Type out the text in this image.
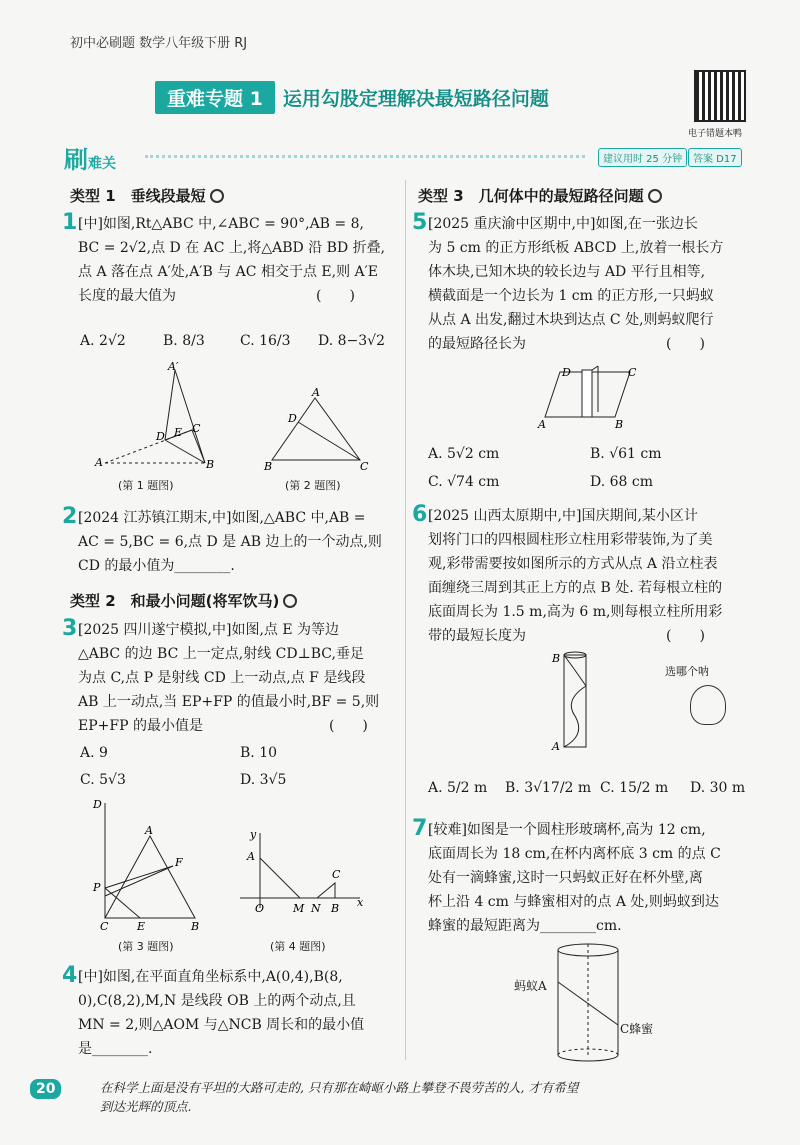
初中必刷题 数学八年级下册 RJ
重难专题 1	运用勾股定理解决最短路径问题
电子错题本鸭
刷难关	建议用时 25 分钟	答案 D17
类型 1　垂线段最短
1 [中]如图,Rt△ABC 中,∠ABC = 90°,AB = 8,
BC = 2√2,点 D 在 AC 上,将△ABD 沿 BD 折叠,
点 A 落在点 A′处,A′B 与 AC 相交于点 E,则 A′E
长度的最大值为　　　　　　　　　　(　　)
A. 2√2	B. 8/3	C. 16/3 D. 8−3√2
A′
C
D E
A	B
A
D
B	C
(第 1 题图)	(第 2 题图)
2 [2024 江苏镇江期末,中]如图,△ABC 中,AB =
AC = 5,BC = 6,点 D 是 AB 边上的一个动点,则
CD 的最小值为________.
类型 2　和最小问题(将军饮马)
3 [2025 四川遂宁模拟,中]如图,点 E 为等边
△ABC 的边 BC 上一定点,射线 CD⊥BC,垂足
为点 C,点 P 是射线 CD 上一动点,点 F 是线段
AB 上一动点,当 EP+FP 的值最小时,BF = 5,则
EP+FP 的最小值是　　　　　　　　　(　　)
A. 9	B. 10
C. 5√3	D. 3√5
D
A
F
P
C	E	B
y
A
O	M N B
C
x
(第 3 题图)	(第 4 题图)
4 [中]如图,在平面直角坐标系中,A(0,4),B(8,
0),C(8,2),M,N 是线段 OB 上的两个动点,且
MN = 2,则△AOM 与△NCB 周长和的最小值
是________.
类型 3　几何体中的最短路径问题
5 [2025 重庆渝中区期中,中]如图,在一张边长
为 5 cm 的正方形纸板 ABCD 上,放着一根长方
体木块,已知木块的较长边与 AD 平行且相等,
横截面是一个边长为 1 cm 的正方形,一只蚂蚁
从点 A 出发,翻过木块到达点 C 处,则蚂蚁爬行
的最短路径长为　　　　　　　　　　(　　)
D	C
A	B
A. 5√2 cm	B. √61 cm
C. √74 cm	D. 68 cm
6 [2025 山西太原期中,中]国庆期间,某小区计
划将门口的四根圆柱形立柱用彩带装饰,为了美
观,彩带需要按如图所示的方式从点 A 沿立柱表
面缠绕三周到其正上方的点 B 处. 若每根立柱的
底面周长为 1.5 m,高为 6 m,则每根立柱所用彩
带的最短长度为　　　　　　　　　　(　　)
B
A
选哪个呐
A. 5/2 m B. 3√17/2 m C. 15/2 m D. 30 m
7 [较难]如图是一个圆柱形玻璃杯,高为 12 cm,
底面周长为 18 cm,在杯内离杯底 3 cm 的点 C
处有一滴蜂蜜,这时一只蚂蚁正好在杯外壁,离
杯上沿 4 cm 与蜂蜜相对的点 A 处,则蚂蚁到达
蜂蜜的最短距离为________cm.
蚂蚁A
C蜂蜜
20	在科学上面是没有平坦的大路可走的, 只有那在崎岖小路上攀登不畏劳苦的人, 才有希望
到达光辉的顶点.
